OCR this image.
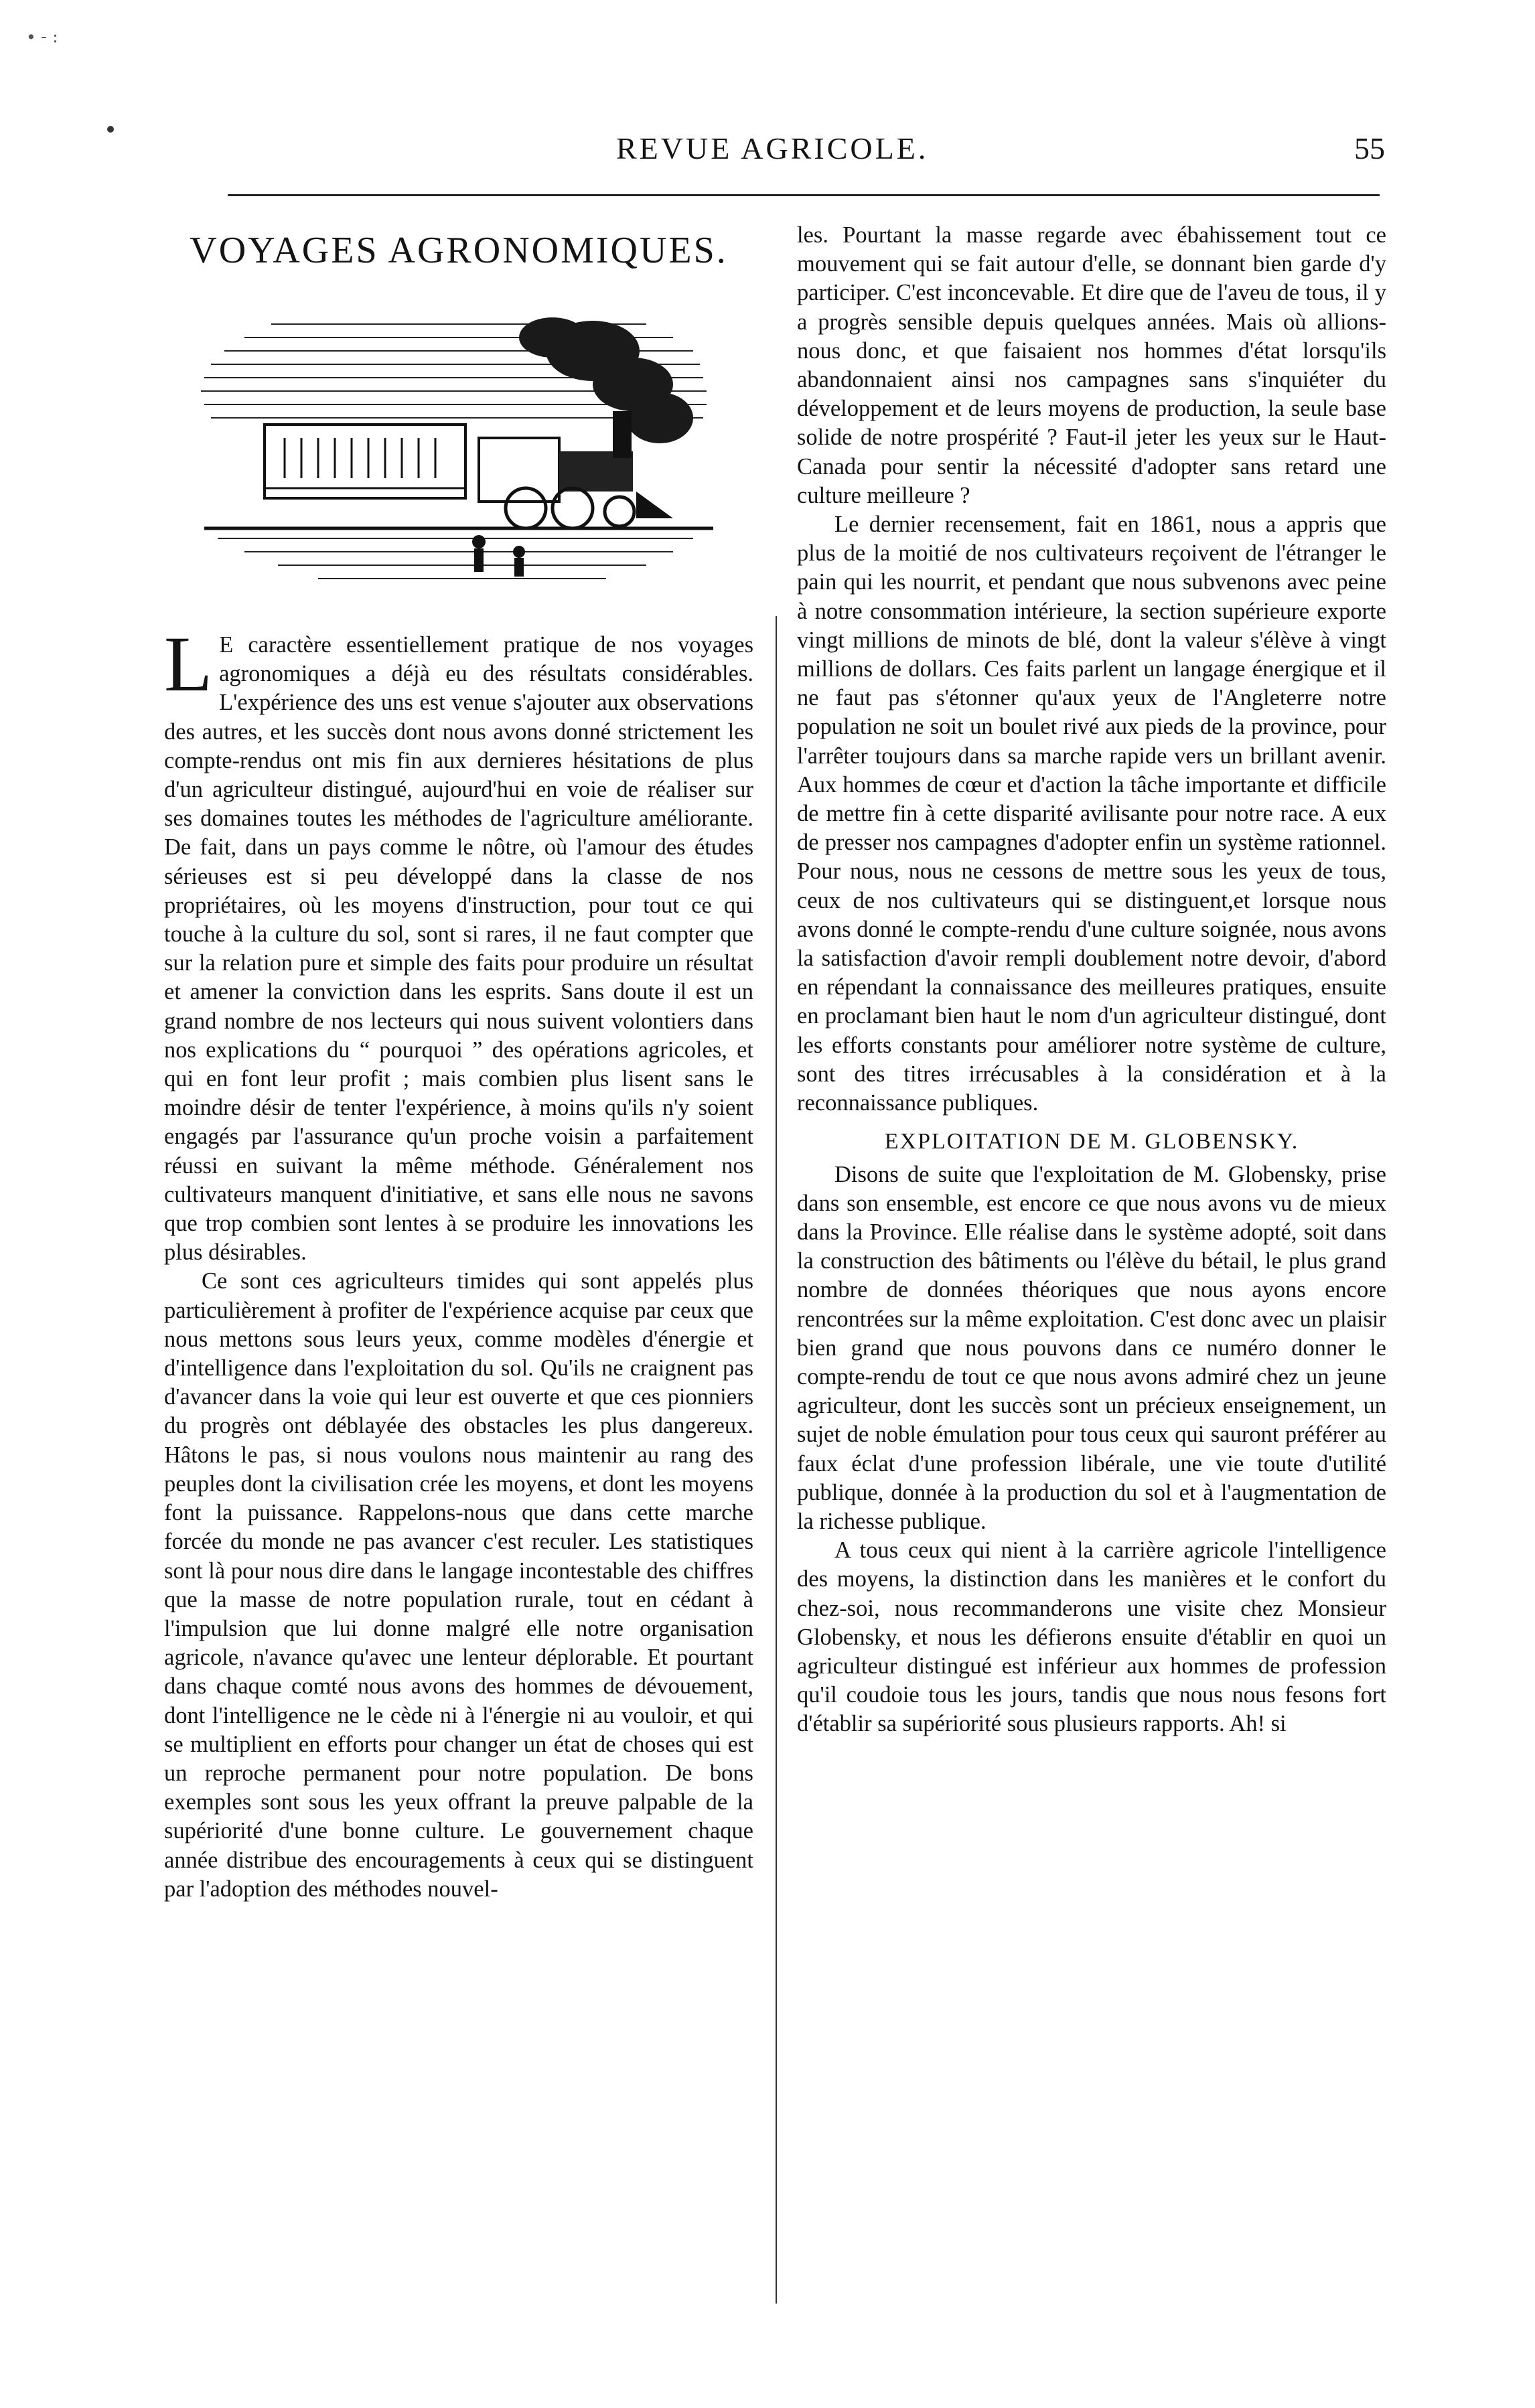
∙ - :
REVUE AGRICOLE.	55
VOYAGES AGRONOMIQUES.

L E caractère essentiellement pratique de nos voyages agronomiques a déjà eu des résultats considérables. L'expérience des uns est venue s'ajouter aux observations des autres, et les succès dont nous avons donné strictement les compte-rendus ont mis fin aux dernieres hésitations de plus d'un agriculteur distingué, aujourd'hui en voie de réaliser sur ses domaines toutes les méthodes de l'agriculture améliorante. De fait, dans un pays comme le nôtre, où l'amour des études sérieuses est si peu développé dans la classe de nos propriétaires, où les moyens d'instruction, pour tout ce qui touche à la culture du sol, sont si rares, il ne faut compter que sur la relation pure et simple des faits pour produire un résultat et amener la conviction dans les esprits. Sans doute il est un grand nombre de nos lecteurs qui nous suivent volontiers dans nos explications du “ pourquoi ” des opérations agricoles, et qui en font leur profit ; mais combien plus lisent sans le moindre désir de tenter l'expérience, à moins qu'ils n'y soient engagés par l'assurance qu'un proche voisin a parfaitement réussi en suivant la même méthode. Généralement nos cultivateurs manquent d'initiative, et sans elle nous ne savons que trop combien sont lentes à se produire les innovations les plus désirables.

Ce sont ces agriculteurs timides qui sont appelés plus particulièrement à profiter de l'expérience acquise par ceux que nous mettons sous leurs yeux, comme modèles d'énergie et d'intelligence dans l'exploitation du sol. Qu'ils ne craignent pas d'avancer dans la voie qui leur est ouverte et que ces pionniers du progrès ont déblayée des obstacles les plus dangereux. Hâtons le pas, si nous voulons nous maintenir au rang des peuples dont la civilisation crée les moyens, et dont les moyens font la puissance. Rappelons-nous que dans cette marche forcée du monde ne pas avancer c'est reculer. Les statistiques sont là pour nous dire dans le langage incontestable des chiffres que la masse de notre population rurale, tout en cédant à l'impulsion que lui donne malgré elle notre organisation agricole, n'avance qu'avec une lenteur déplorable. Et pourtant dans chaque comté nous avons des hommes de dévouement, dont l'intelligence ne le cède ni à l'énergie ni au vouloir, et qui se multiplient en efforts pour changer un état de choses qui est un reproche permanent pour notre population. De bons exemples sont sous les yeux offrant la preuve palpable de la supériorité d'une bonne culture. Le gouvernement chaque année distribue des encouragements à ceux qui se distinguent par l'adoption des méthodes nouvel-

les. Pourtant la masse regarde avec ébahissement tout ce mouvement qui se fait autour d'elle, se donnant bien garde d'y participer. C'est inconcevable. Et dire que de l'aveu de tous, il y a progrès sensible depuis quelques années. Mais où allions-nous donc, et que faisaient nos hommes d'état lorsqu'ils abandonnaient ainsi nos campagnes sans s'inquiéter du développement et de leurs moyens de production, la seule base solide de notre prospérité ? Faut-il jeter les yeux sur le Haut-Canada pour sentir la nécessité d'adopter sans retard une culture meilleure ?

Le dernier recensement, fait en 1861, nous a appris que plus de la moitié de nos cultivateurs reçoivent de l'étranger le pain qui les nourrit, et pendant que nous subvenons avec peine à notre consommation intérieure, la section supérieure exporte vingt millions de minots de blé, dont la valeur s'élève à vingt millions de dollars. Ces faits parlent un langage énergique et il ne faut pas s'étonner qu'aux yeux de l'Angleterre notre population ne soit un boulet rivé aux pieds de la province, pour l'arrêter toujours dans sa marche rapide vers un brillant avenir. Aux hommes de cœur et d'action la tâche importante et difficile de mettre fin à cette disparité avilisante pour notre race. A eux de presser nos campagnes d'adopter enfin un système rationnel. Pour nous, nous ne cessons de mettre sous les yeux de tous, ceux de nos cultivateurs qui se distinguent,et lorsque nous avons donné le compte-rendu d'une culture soignée, nous avons la satisfaction d'avoir rempli doublement notre devoir, d'abord en répendant la connaissance des meilleures pratiques, ensuite en proclamant bien haut le nom d'un agriculteur distingué, dont les efforts constants pour améliorer notre système de culture, sont des titres irrécusables à la considération et à la reconnaissance publiques.

EXPLOITATION DE M. GLOBENSKY.

Disons de suite que l'exploitation de M. Globensky, prise dans son ensemble, est encore ce que nous avons vu de mieux dans la Province. Elle réalise dans le système adopté, soit dans la construction des bâtiments ou l'élève du bétail, le plus grand nombre de données théoriques que nous ayons encore rencontrées sur la même exploitation. C'est donc avec un plaisir bien grand que nous pouvons dans ce numéro donner le compte-rendu de tout ce que nous avons admiré chez un jeune agriculteur, dont les succès sont un précieux enseignement, un sujet de noble émulation pour tous ceux qui sauront préférer au faux éclat d'une profession libérale, une vie toute d'utilité publique, donnée à la production du sol et à l'augmentation de la richesse publique.

A tous ceux qui nient à la carrière agricole l'intelligence des moyens, la distinction dans les manières et le confort du chez-soi, nous recommanderons une visite chez Monsieur Globensky, et nous les défierons ensuite d'établir en quoi un agriculteur distingué est inférieur aux hommes de profession qu'il coudoie tous les jours, tandis que nous nous fesons fort d'établir sa supériorité sous plusieurs rapports. Ah! si
